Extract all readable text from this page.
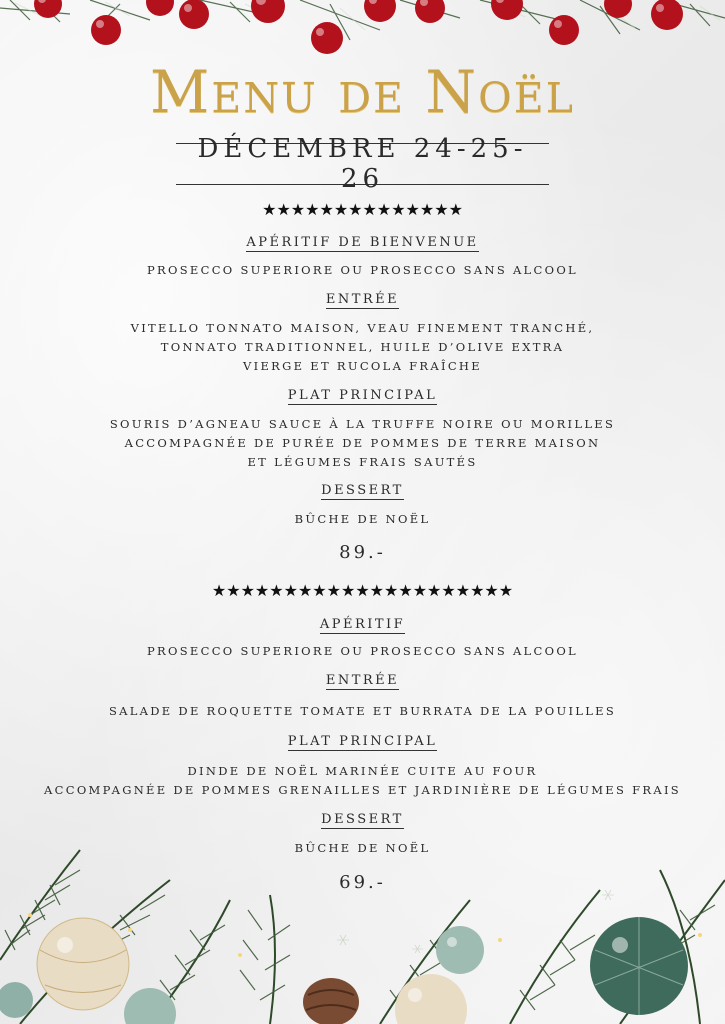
Menu de Noël
DÉCEMBRE 24-25-26
★★★★★★★★★★★★★★
APÉRITIF DE BIENVENUE
PROSECCO SUPERIORE OU PROSECCO SANS ALCOOL
ENTRÉE
VITELLO TONNATO MAISON, VEAU FINEMENT TRANCHÉ,
TONNATO TRADITIONNEL, HUILE D’OLIVE EXTRA
VIERGE ET RUCOLA FRAÎCHE
PLAT PRINCIPAL
SOURIS D’AGNEAU SAUCE À LA TRUFFE NOIRE OU MORILLES
ACCOMPAGNÉE DE PURÉE DE POMMES DE TERRE MAISON
ET LÉGUMES FRAIS SAUTÉS
DESSERT
BÛCHE DE NOËL
89.-
★★★★★★★★★★★★★★★★★★★★★
APÉRITIF
PROSECCO SUPERIORE OU PROSECCO SANS ALCOOL
ENTRÉE
SALADE DE ROQUETTE TOMATE ET BURRATA DE LA POUILLES
PLAT PRINCIPAL
DINDE DE NOËL MARINÉE CUITE AU FOUR
ACCOMPAGNÉE DE POMMES GRENAILLES ET JARDINIÈRE DE LÉGUMES FRAIS
DESSERT
BÛCHE DE NOËL
69.-
